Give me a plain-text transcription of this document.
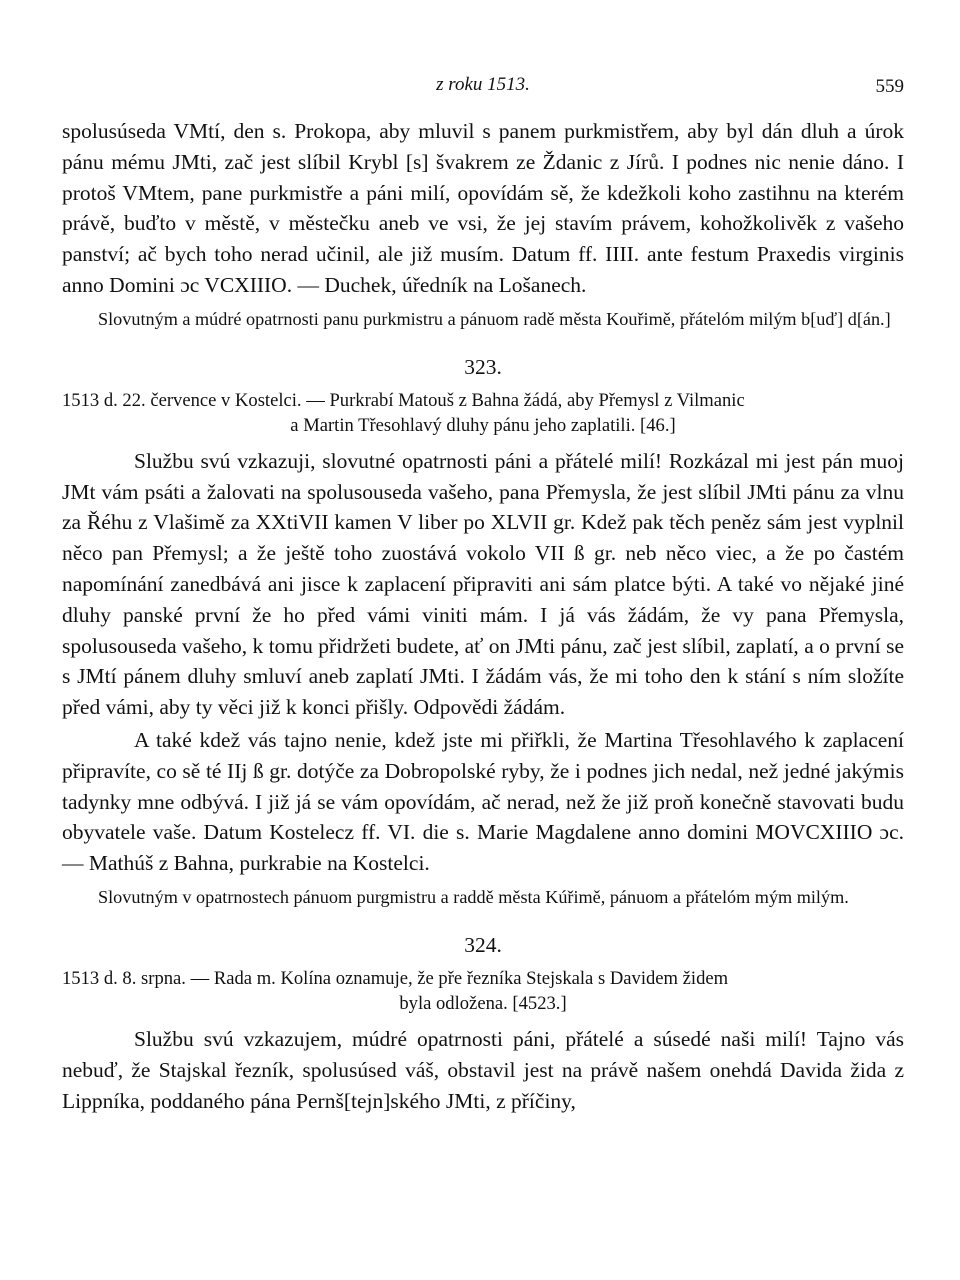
z roku 1513.	559

spolusúseda VMtí, den s. Prokopa, aby mluvil s panem purkmistřem, aby byl dán dluh a úrok pánu mému JMti, zač jest slíbil Krybl [s] švakrem ze Ždanic z Jírů. I podnes nic nenie dáno. I protoš VMtem, pane purkmistře a páni milí, opovídám sě, že kdežkoli koho zastihnu na kterém právě, buďto v městě, v městečku aneb ve vsi, že jej stavím právem, kohožkolivěk z vašeho panství; ač bych toho nerad učinil, ale již musím. Datum ff. IIII. ante festum Praxedis virginis anno Domini ɔc VCXIIIO. — Duchek, úředník na Lošanech.

Slovutným a múdré opatrnosti panu purkmistru a pánuom radě města Kouřimě, přátelóm milým b[uď] d[án.]

323.

1513 d. 22. července v Kostelci. — Purkrabí Matouš z Bahna žádá, aby Přemysl z Vilmanic

a Martin Třesohlavý dluhy pánu jeho zaplatili. [46.]

Službu svú vzkazuji, slovutné opatrnosti páni a přátelé milí! Rozkázal mi jest pán muoj JMt vám psáti a žalovati na spolusouseda vašeho, pana Přemysla, že jest slíbil JMti pánu za vlnu za Řéhu z Vlašimě za XXtiVII kamen V liber po XLVII gr. Kdež pak těch peněz sám jest vyplnil něco pan Přemysl; a že ještě toho zuostává vokolo VII ß gr. neb něco viec, a že po častém napomínání zanedbává ani jisce k zaplacení připraviti ani sám platce býti. A také vo nějaké jiné dluhy panské první že ho před vámi viniti mám. I já vás žádám, že vy pana Přemysla, spolusouseda vašeho, k tomu přidržeti budete, ať on JMti pánu, zač jest slíbil, zaplatí, a o první se s JMtí pánem dluhy smluví aneb zaplatí JMti. I žádám vás, že mi toho den k stání s ním složíte před vámi, aby ty věci již k konci přišly. Odpovědi žádám.

A také kdež vás tajno nenie, kdež jste mi přiřkli, že Martina Třesohlavého k zaplacení připravíte, co sě té IIj ß gr. dotýče za Dobropolské ryby, že i podnes jich nedal, než jedné jakýmis tadynky mne odbývá. I již já se vám opovídám, ač nerad, než že již proň konečně stavovati budu obyvatele vaše. Datum Kostelecz ff. VI. die s. Marie Magdalene anno domini MOVCXIIIO ɔc. — Mathúš z Bahna, purkrabie na Kostelci.

Slovutným v opatrnostech pánuom purgmistru a raddě města Kúřimě, pánuom a přátelóm mým milým.

324.

1513 d. 8. srpna. — Rada m. Kolína oznamuje, že pře řezníka Stejskala s Davidem židem

byla odložena. [4523.]

Službu svú vzkazujem, múdré opatrnosti páni, přátelé a súsedé naši milí! Tajno vás nebuď, že Stajskal řezník, spolusúsed váš, obstavil jest na právě našem onehdá Davida žida z Lippníka, poddaného pána Pernš[tejn]ského JMti, z příčiny,
